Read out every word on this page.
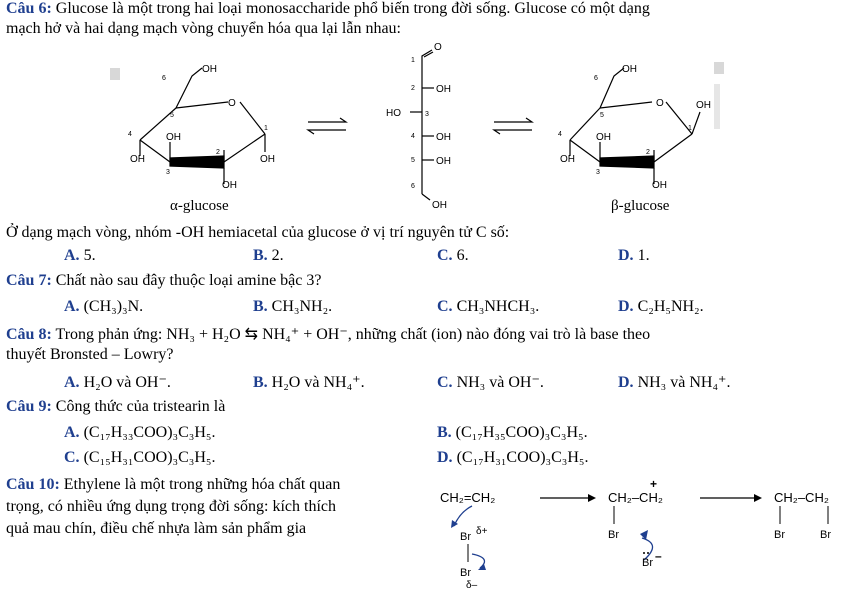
Câu 6: Glucose là một trong hai loại monosaccharide phổ biến trong đời sống. Glucose có một dạng
mạch hở và hai dạng mạch vòng chuyển hóa qua lại lẫn nhau:
OH
6
5
O
1
4	OH
2
3
OH	OH
OH
O
1
2 OH
HO	3
4 OH
5 OH
6
OH
OH
6
5
O	OH
1
4	OH
2
3
OH
OH
α-glucose	β-glucose
Ở dạng mạch vòng, nhóm -OH hemiacetal của glucose ở vị trí nguyên tử C số:
A. 5.	B. 2.	C. 6.	D. 1.
Câu 7: Chất nào sau đây thuộc loại amine bậc 3?
A. (CH₃)₃N.	B. CH₃NH₂.	C. CH₃NHCH₃.	D. C₂H₅NH₂.
Câu 8: Trong phản ứng: NH₃ + H₂O ⇆ NH₄⁺ + OH⁻, những chất (ion) nào đóng vai trò là base theo
thuyết Bronsted – Lowry?
A. H₂O và OH⁻.	B. H₂O và NH₄⁺.	C. NH₃ và OH⁻.	D. NH₃ và NH₄⁺.
Câu 9: Công thức của tristearin là
A. (C₁₇H₃₃COO)₃C₃H₅.	B. (C₁₇H₃₅COO)₃C₃H₅.
C. (C₁₅H₃₁COO)₃C₃H₅.	D. (C₁₇H₃₁COO)₃C₃H₅.
Câu 10: Ethylene là một trong những hóa chất quan
trọng, có nhiều ứng dụng trọng đời sống: kích thích
quả mau chín, điều chế nhựa làm sản phẩm gia
CH₂=CH₂
Br δ+
Br
δ–
CH₂–CH₂
+
Br
Br –
CH₂–CH₂
Br	Br
